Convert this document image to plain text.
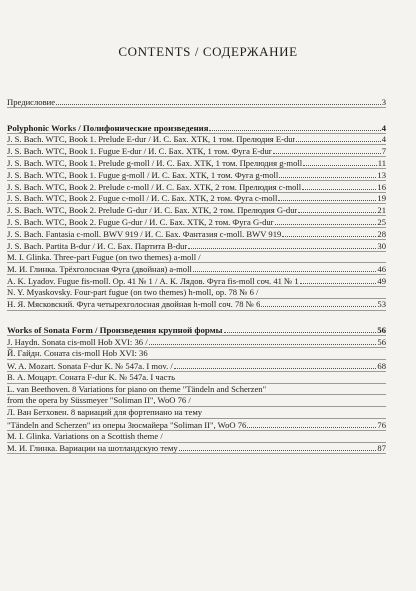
CONTENTS / СОДЕРЖАНИЕ
Предисловие	3
Polyphonic Works / Полифонические произведения	4
J. S. Bach. WTC, Book 1. Prelude E-dur / И. С. Бах. ХТК, 1 том. Прелюдия E-dur	4
J. S. Bach. WTC, Book 1. Fugue E-dur / И. С. Бах. ХТК, 1 том. Фуга E-dur	7
J. S. Bach. WTC, Book 1. Prelude g-moll / И. С. Бах. ХТК, 1 том. Прелюдия g-moll	11
J. S. Bach. WTC, Book 1. Fugue g-moll / И. С. Бах. ХТК, 1 том. Фуга g-moll	13
J. S. Bach. WTC, Book 2. Prelude c-moll / И. С. Бах. ХТК, 2 том. Прелюдия c-moll	16
J. S. Bach. WTC, Book 2. Fugue c-moll / И. С. Бах. ХТК, 2 том. Фуга c-moll	19
J. S. Bach. WTC, Book 2. Prelude G-dur / И. С. Бах. ХТК, 2 том. Прелюдия G-dur	21
J. S. Bach. WTC, Book 2. Fugue G-dur / И. С. Бах. ХТК, 2 том. Фуга G-dur	25
J. S. Bach. Fantasia c-moll. BWV 919 / И. С. Бах. Фантазия c-moll. BWV 919	28
J. S. Bach. Partita B-dur / И. С. Бах. Партита B-dur	30
M. I. Glinka. Three-part Fugue (on two themes) a-moll /
М. И. Глинка. Трёхголосная Фуга (двойная) a-moll	46
A. K. Lyadov. Fugue fis-moll. Op. 41 № 1 / А. К. Лядов. Фуга fis-moll соч. 41 № 1	49
N. Y. Myaskovsky. Four-part fugue (on two themes) h-moll, op. 78 № 6 /
Н. Я. Мясковский. Фуга четырехголосная двойная h-moll соч. 78 № 6	53
Works of Sonata Form / Произведения крупной формы	56
J. Haydn. Sonata cis-moll Hob XVI: 36 /	56
Й. Гайдн. Соната cis-moll Hob XVI: 36
W. A. Mozart. Sonata F-dur K. № 547a. I mov. /	68
В. А. Моцарт. Соната F-dur K. № 547a. I часть
L. van Beethoven. 8 Variations for piano on theme "Tändeln and Scherzen"
from the opera by Süssmeyer "Soliman II", WoO 76 /
Л. Ван Бетховен. 8 вариаций для фортепиано на тему
"Tändeln and Scherzen" из оперы Зюсмайера "Soliman II", WoO 76	76
M. I. Glinka. Variations on a Scottish theme /
М. И. Глинка. Вариации на шотландскую тему	87
